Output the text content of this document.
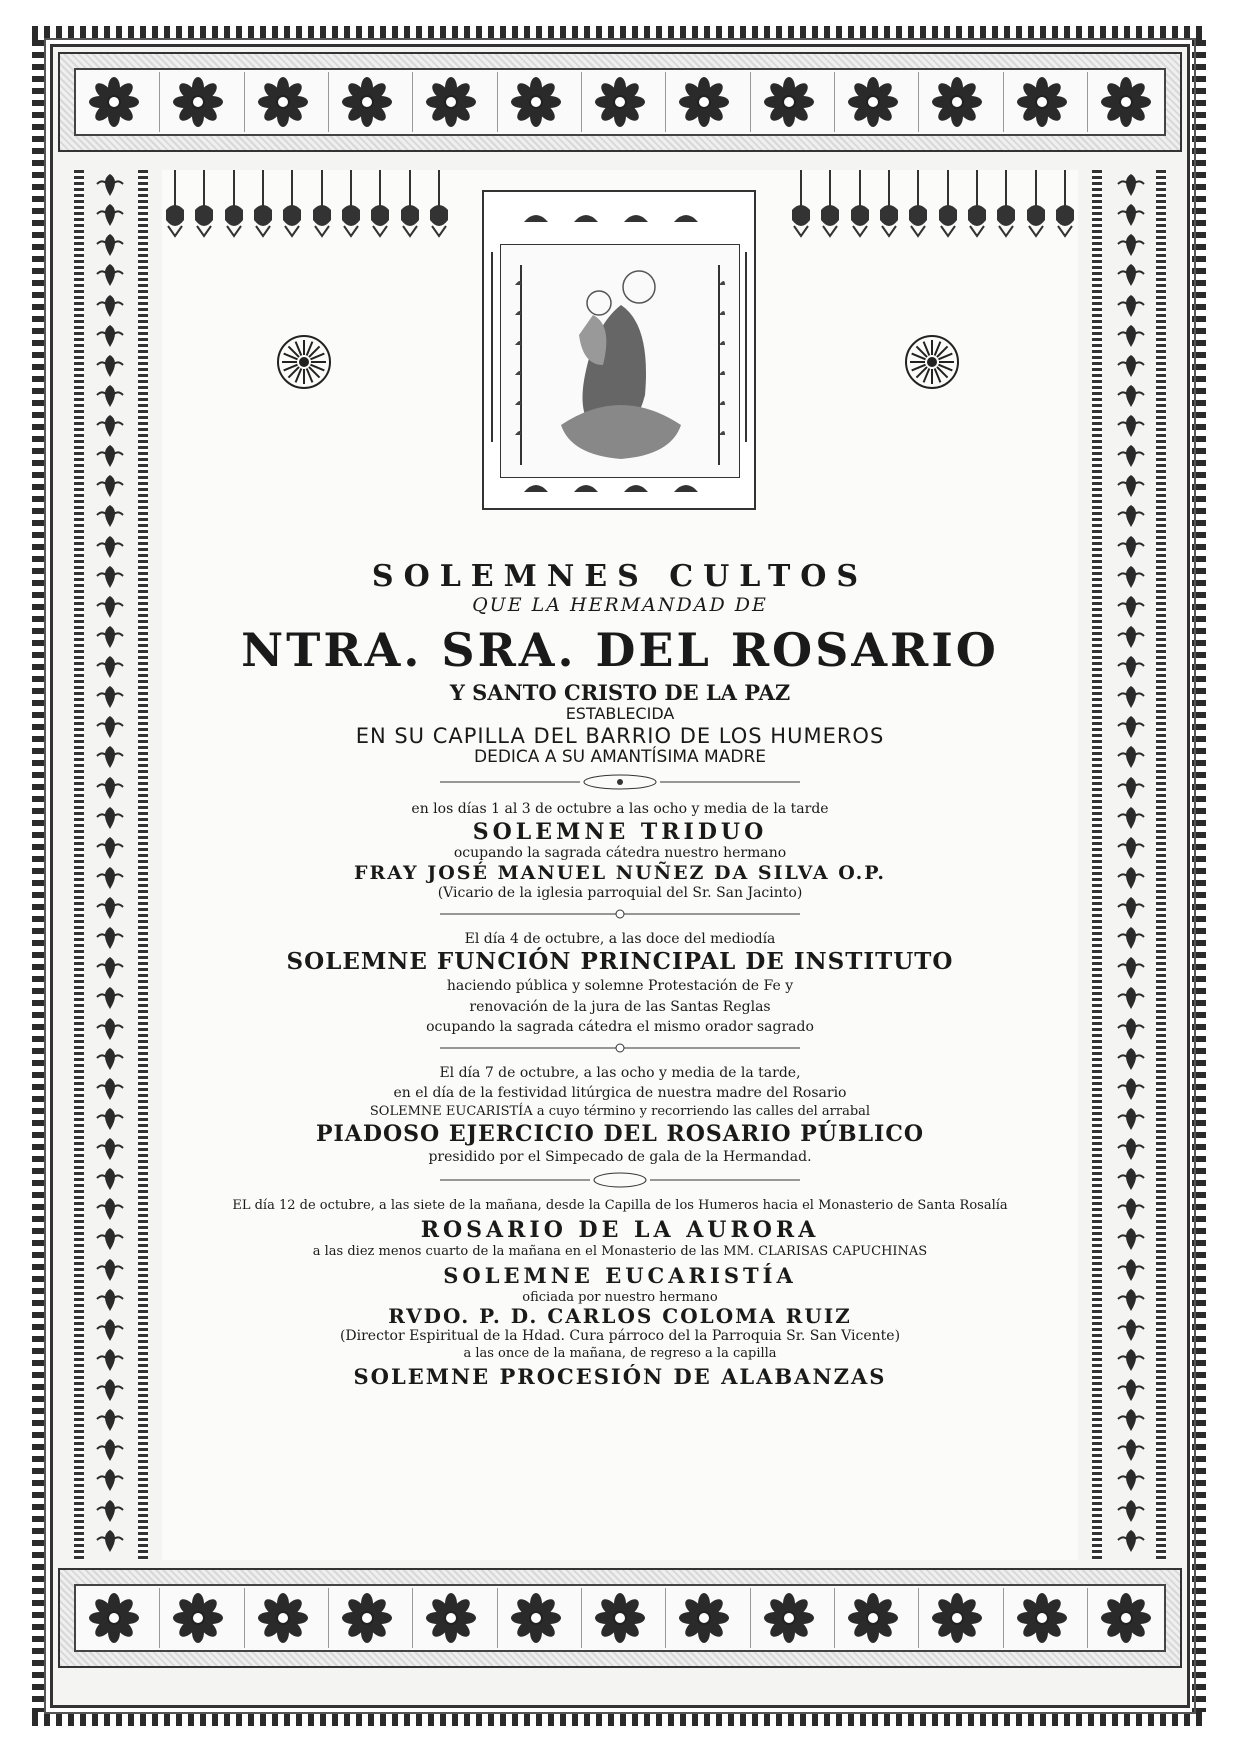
SOLEMNES CULTOS
QUE LA HERMANDAD DE
NTRA. SRA. DEL ROSARIO
Y SANTO CRISTO DE LA PAZ
ESTABLECIDA
EN SU CAPILLA DEL BARRIO DE LOS HUMEROS
DEDICA A SU AMANTÍSIMA MADRE
en los días 1 al 3 de octubre a las ocho y media de la tarde
SOLEMNE TRIDUO
ocupando la sagrada cátedra nuestro hermano
FRAY JOSÉ MANUEL NUÑEZ DA SILVA O.P.
(Vicario de la iglesia parroquial del Sr. San Jacinto)
El día 4 de octubre, a las doce del mediodía
SOLEMNE FUNCIÓN PRINCIPAL DE INSTITUTO
haciendo pública y solemne Protestación de Fe y
renovación de la jura de las Santas Reglas
ocupando la sagrada cátedra el mismo orador sagrado
El día 7 de octubre, a las ocho y media de la tarde,
en el día de la festividad litúrgica de nuestra madre del Rosario
SOLEMNE EUCARISTÍA a cuyo término y recorriendo las calles del arrabal
PIADOSO EJERCICIO DEL ROSARIO PÚBLICO
presidido por el Simpecado de gala de la Hermandad.
EL día 12 de octubre, a las siete de la mañana, desde la Capilla de los Humeros hacia el Monasterio de Santa Rosalía
ROSARIO DE LA AURORA
a las diez menos cuarto de la mañana en el Monasterio de las MM. CLARISAS CAPUCHINAS
SOLEMNE EUCARISTÍA
oficiada por nuestro hermano
RVDO. P. D. CARLOS COLOMA RUIZ
(Director Espiritual de la Hdad. Cura párroco del la Parroquia Sr. San Vicente)
a las once de la mañana, de regreso a la capilla
SOLEMNE PROCESIÓN DE ALABANZAS
